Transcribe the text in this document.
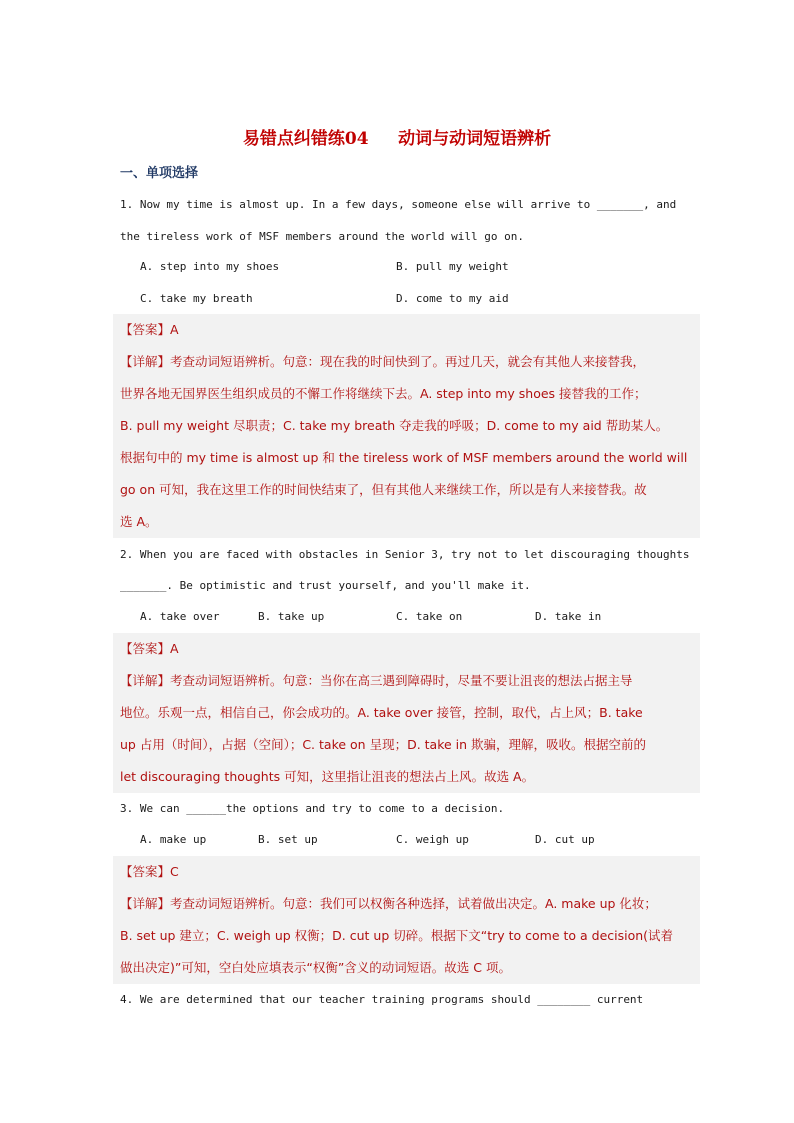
易错点纠错练04     动词与动词短语辨析
一、单项选择
1. Now my time is almost up. In a few days, someone else will arrive to _______, and
the tireless work of MSF members around the world will go on.
A. step into my shoes	B. pull my weight
C. take my breath	D. come to my aid
【答案】A
【详解】考查动词短语辨析。句意：现在我的时间快到了。再过几天，就会有其他人来接替我，
世界各地无国界医生组织成员的不懈工作将继续下去。A. step into my shoes 接替我的工作；
B. pull my weight 尽职责；C. take my breath 夺走我的呼吸；D. come to my aid 帮助某人。
根据句中的 my time is almost up 和 the tireless work of MSF members around the world will
go on 可知，我在这里工作的时间快结束了，但有其他人来继续工作，所以是有人来接替我。故
选 A。
2. When you are faced with obstacles in Senior 3, try not to let discouraging thoughts
_______. Be optimistic and trust yourself, and you'll make it.
A. take over	B. take up	C. take on	D. take in
【答案】A
【详解】考查动词短语辨析。句意：当你在高三遇到障碍时，尽量不要让沮丧的想法占据主导
地位。乐观一点，相信自己，你会成功的。A. take over 接管，控制，取代，占上风；B. take
up 占用（时间），占据（空间）；C. take on 呈现；D. take in 欺骗，理解，吸收。根据空前的
let discouraging thoughts 可知，这里指让沮丧的想法占上风。故选 A。
3. We can ______the options and try to come to a decision.
A. make up	B. set up	C. weigh up	D. cut up
【答案】C
【详解】考查动词短语辨析。句意：我们可以权衡各种选择，试着做出决定。A. make up 化妆；
B. set up 建立；C. weigh up 权衡；D. cut up 切碎。根据下文“try to come to a decision(试着
做出决定)”可知，空白处应填表示“权衡”含义的动词短语。故选 C 项。
4. We are determined that our teacher training programs should ________ current
